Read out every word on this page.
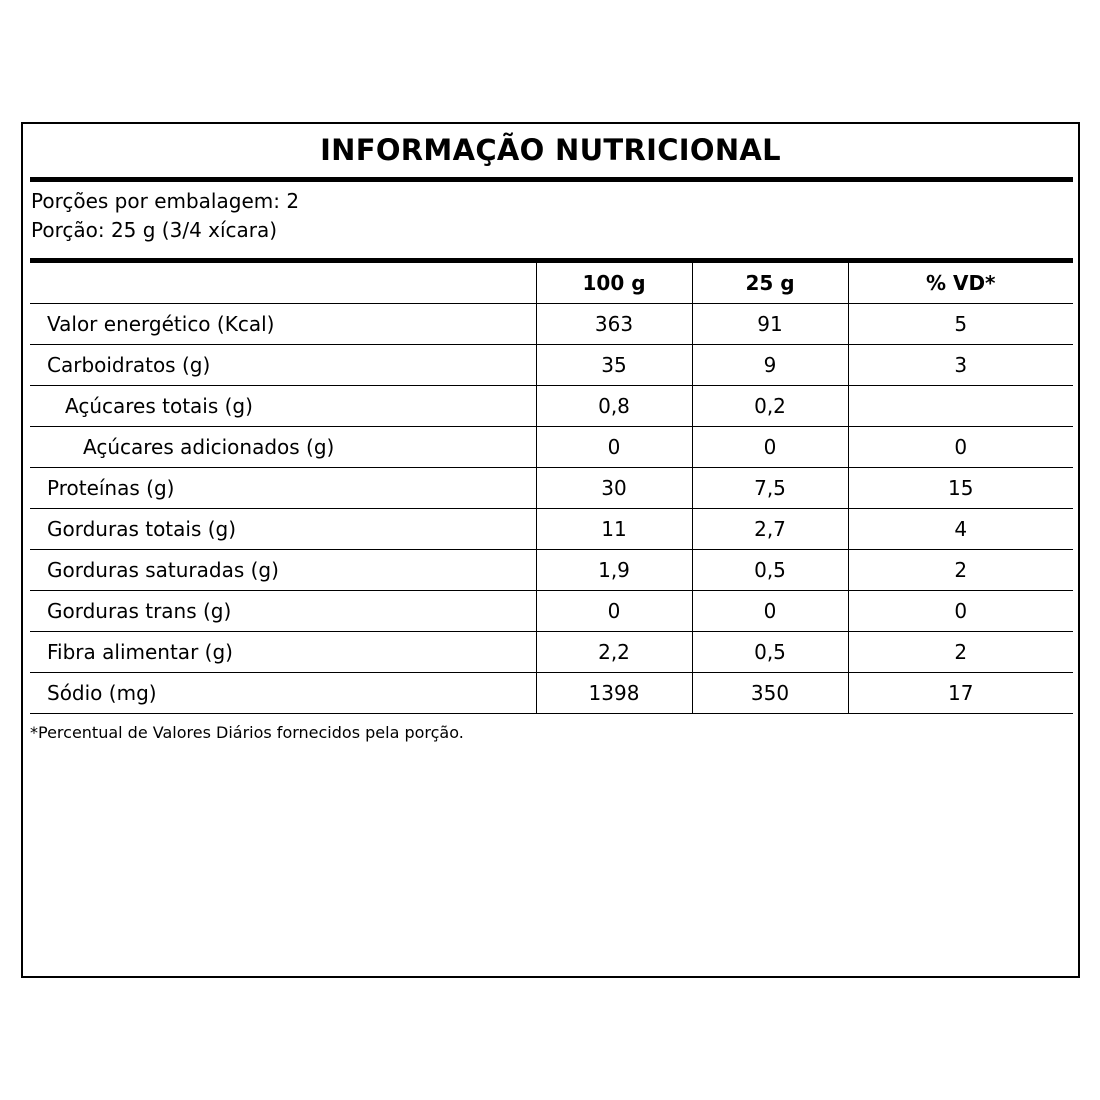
INFORMAÇÃO NUTRICIONAL
Porções por embalagem: 2
Porção: 25 g (3/4 xícara)
	100 g	25 g	% VD*
Valor energético (Kcal)	363	91	5
Carboidratos (g)	35	9	3
Açúcares totais (g)	0,8	0,2	
Açúcares adicionados (g)	0	0	0
Proteínas (g)	30	7,5	15
Gorduras totais (g)	11	2,7	4
Gorduras saturadas (g)	1,9	0,5	2
Gorduras trans (g)	0	0	0
Fibra alimentar (g)	2,2	0,5	2
Sódio (mg)	1398	350	17
*Percentual de Valores Diários fornecidos pela porção.
